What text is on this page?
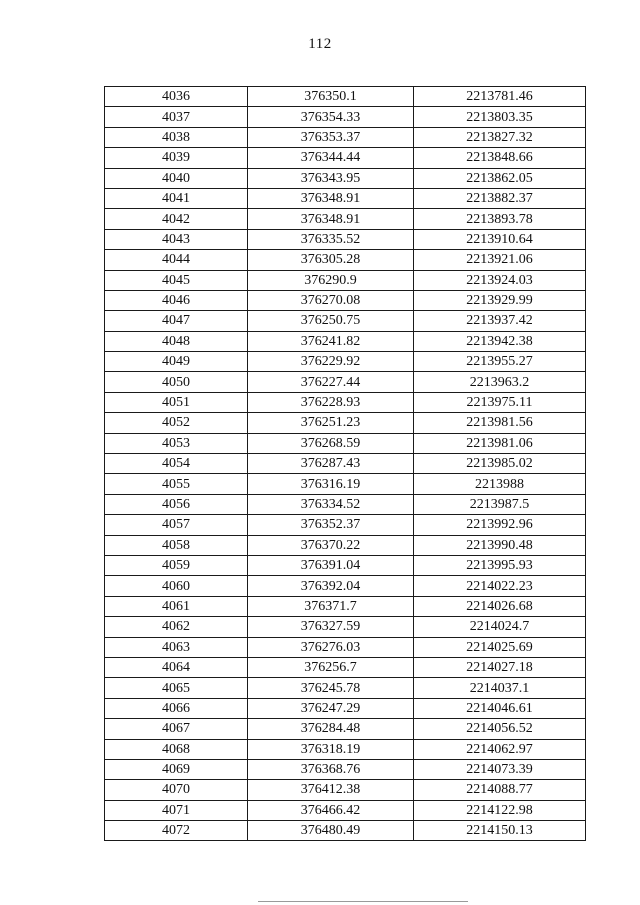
112
4036	376350.1	2213781.46
4037	376354.33	2213803.35
4038	376353.37	2213827.32
4039	376344.44	2213848.66
4040	376343.95	2213862.05
4041	376348.91	2213882.37
4042	376348.91	2213893.78
4043	376335.52	2213910.64
4044	376305.28	2213921.06
4045	376290.9	2213924.03
4046	376270.08	2213929.99
4047	376250.75	2213937.42
4048	376241.82	2213942.38
4049	376229.92	2213955.27
4050	376227.44	2213963.2
4051	376228.93	2213975.11
4052	376251.23	2213981.56
4053	376268.59	2213981.06
4054	376287.43	2213985.02
4055	376316.19	2213988
4056	376334.52	2213987.5
4057	376352.37	2213992.96
4058	376370.22	2213990.48
4059	376391.04	2213995.93
4060	376392.04	2214022.23
4061	376371.7	2214026.68
4062	376327.59	2214024.7
4063	376276.03	2214025.69
4064	376256.7	2214027.18
4065	376245.78	2214037.1
4066	376247.29	2214046.61
4067	376284.48	2214056.52
4068	376318.19	2214062.97
4069	376368.76	2214073.39
4070	376412.38	2214088.77
4071	376466.42	2214122.98
4072	376480.49	2214150.13
